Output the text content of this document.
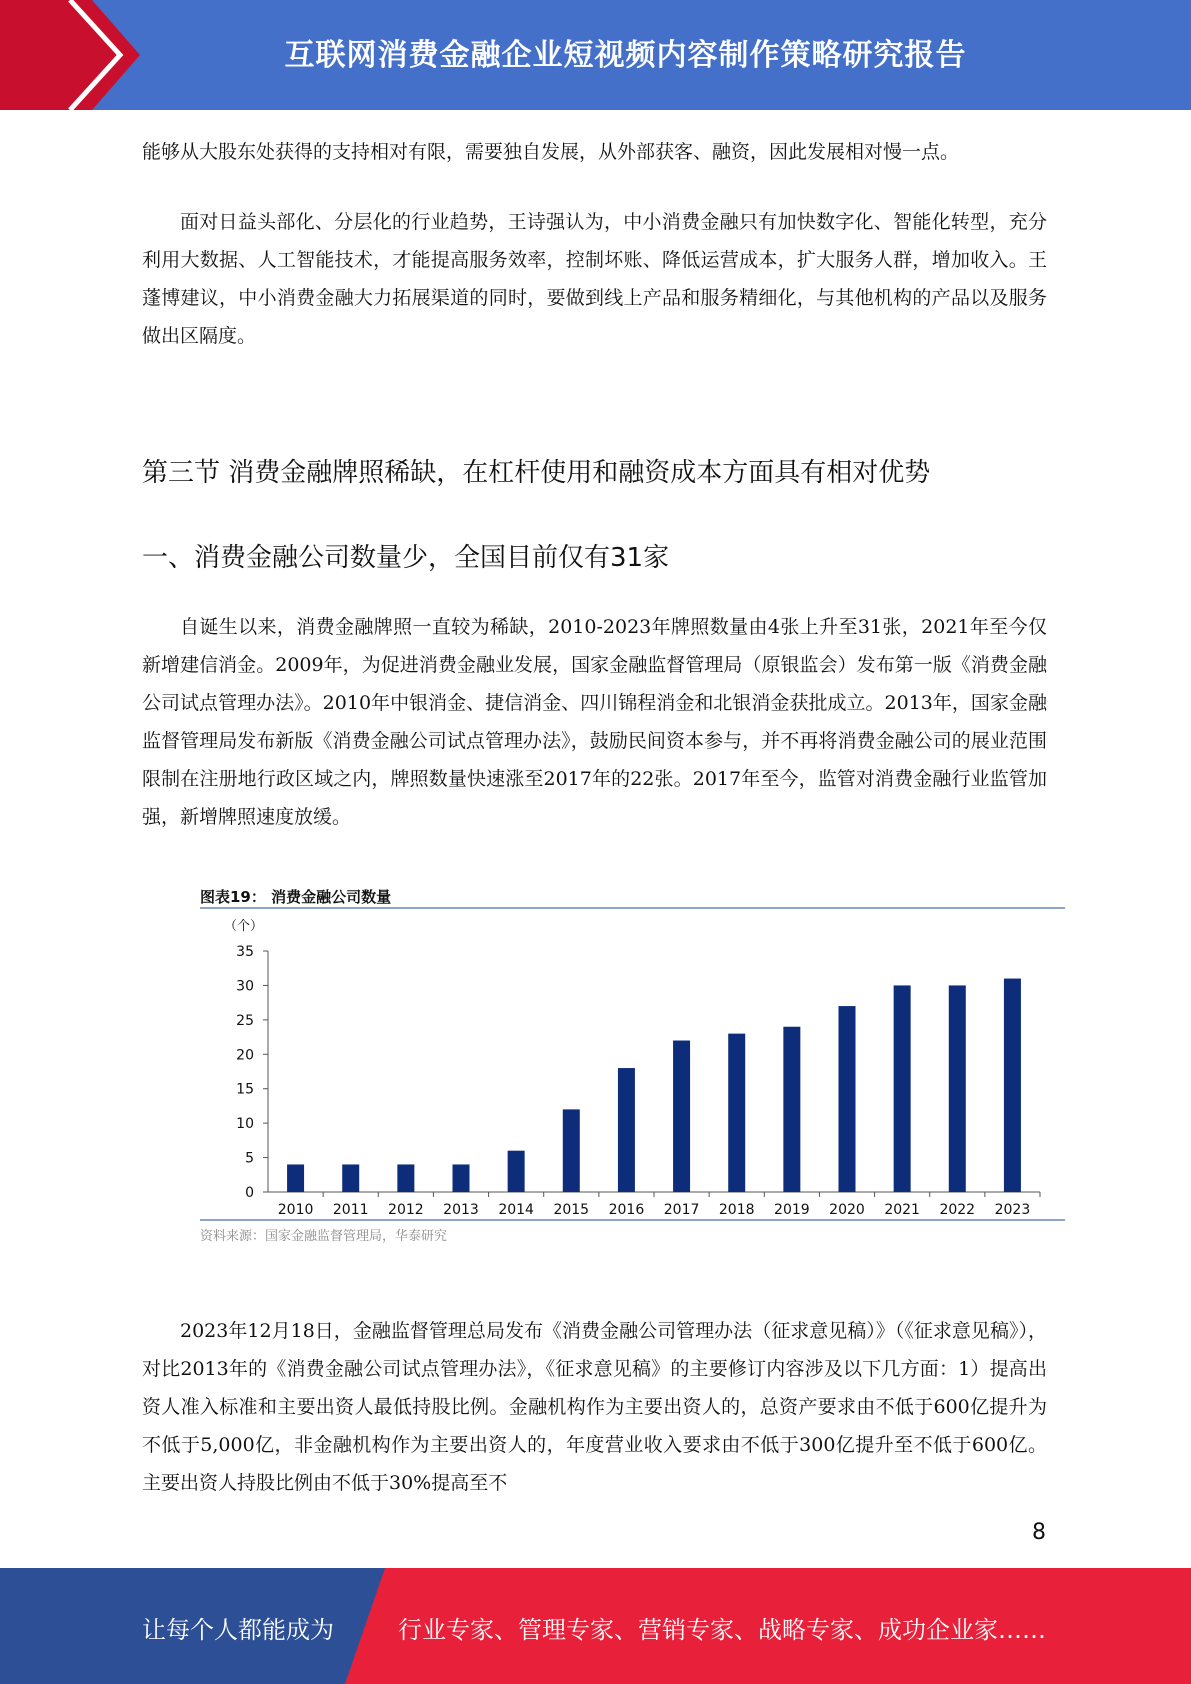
互联网消费金融企业短视频内容制作策略研究报告

能够从大股东处获得的支持相对有限，需要独自发展，从外部获客、融资，因此发展相对慢一点。

面对日益头部化、分层化的行业趋势，王诗强认为，中小消费金融只有加快数字化、智能化转型，充分利用大数据、人工智能技术，才能提高服务效率，控制坏账、降低运营成本，扩大服务人群，增加收入。王蓬博建议，中小消费金融大力拓展渠道的同时，要做到线上产品和服务精细化，与其他机构的产品以及服务做出区隔度。

第三节 消费金融牌照稀缺，在杠杆使用和融资成本方面具有相对优势
一、消费金融公司数量少，全国目前仅有31家

自诞生以来，消费金融牌照一直较为稀缺，2010-2023年牌照数量由4张上升至31张，2021年至今仅新增建信消金。2009年，为促进消费金融业发展，国家金融监督管理局（原银监会）发布第一版《消费金融公司试点管理办法》。2010年中银消金、捷信消金、四川锦程消金和北银消金获批成立。2013年，国家金融监督管理局发布新版《消费金融公司试点管理办法》，鼓励民间资本参与，并不再将消费金融公司的展业范围限制在注册地行政区域之内，牌照数量快速涨至2017年的22张。2017年至今，监管对消费金融行业监管加强，新增牌照速度放缓。

（个）
0
5
10
15
20
25
30
35
2010 2011 2012 2013 2014 2015 2016 2017 2018 2019 2020 2021 2022 2023
图表19： 消费金融公司数量
资料来源：国家金融监督管理局，华泰研究

2023年12月18日，金融监督管理总局发布《消费金融公司管理办法（征求意见稿）》（《征求意见稿》），对比2013年的《消费金融公司试点管理办法》，《征求意见稿》的主要修订内容涉及以下几方面：1）提高出资人准入标准和主要出资人最低持股比例。金融机构作为主要出资人的，总资产要求由不低于600亿提升为不低于5,000亿，非金融机构作为主要出资人的，年度营业收入要求由不低于300亿提升至不低于600亿。主要出资人持股比例由不低于30%提高至不

8
让每个人都能成为	行业专家、管理专家、营销专家、战略专家、成功企业家……
